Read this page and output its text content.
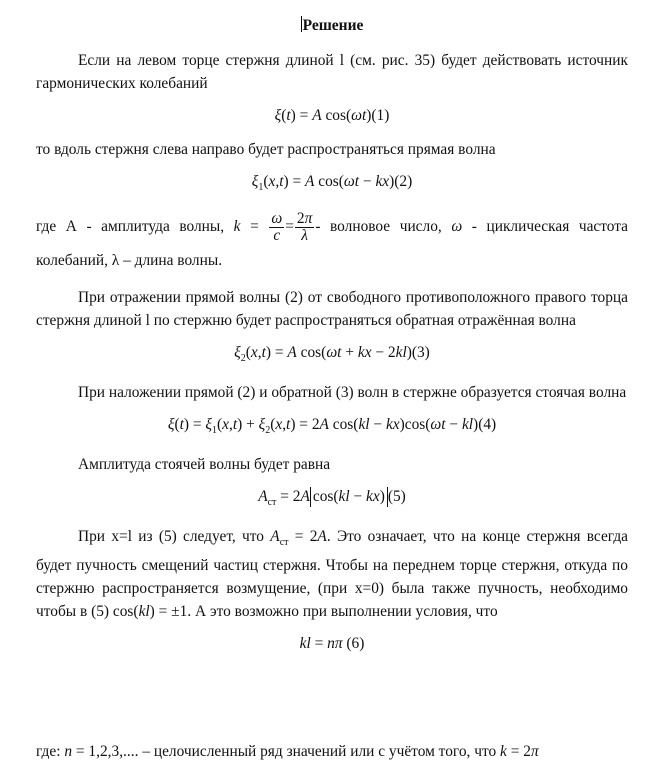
Решение

Если на левом торце стержня длиной l (см. рис. 35) будет действовать источник гармонических колебаний

ξ(t) = A cos(ωt)(1)

то вдоль стержня слева направо будет распространяться прямая волна

$\xi_1(x,t) = A$ cos(ωt − kx)(2)

где А - амплитуда волны, $k = \frac{\omega}{c} = \frac{2\pi}{\lambda}$ - волновое число, ω - циклическая частота колебаний, λ – длина волны.

При отражении прямой волны (2) от свободного противоположного правого торца стержня длиной l по стержню будет распространяться обратная отражённая волна

$\xi_2(x,t) = A$ cos(ωt + kx − 2kl)(3)

При наложении прямой (2) и обратной (3) волн в стержне образуется стоячая волна

$\xi(t) = \xi_1(x,t) + \xi_2(x,t) = 2A$ cos(kl − kx)cos(ωt − kl)(4)

Амплитуда стоячей волны будет равна

$A_{ст} = 2A$ cos(kl − kx) (5)

При x=l из (5) следует, что $A_{ст} = 2A$. Это означает, что на конце стержня всегда будет пучность смещений частиц стержня. Чтобы на переднем торце стержня, откуда по стержню распространяется возмущение, (при x=0) была также пучность, необходимо чтобы в (5) cos(kl) = ±1. А это возможно при выполнении условия, что

kl = nπ (6)
где: n = 1,2,3,.... – целочисленный ряд значений или с учётом того, что k = 2π
